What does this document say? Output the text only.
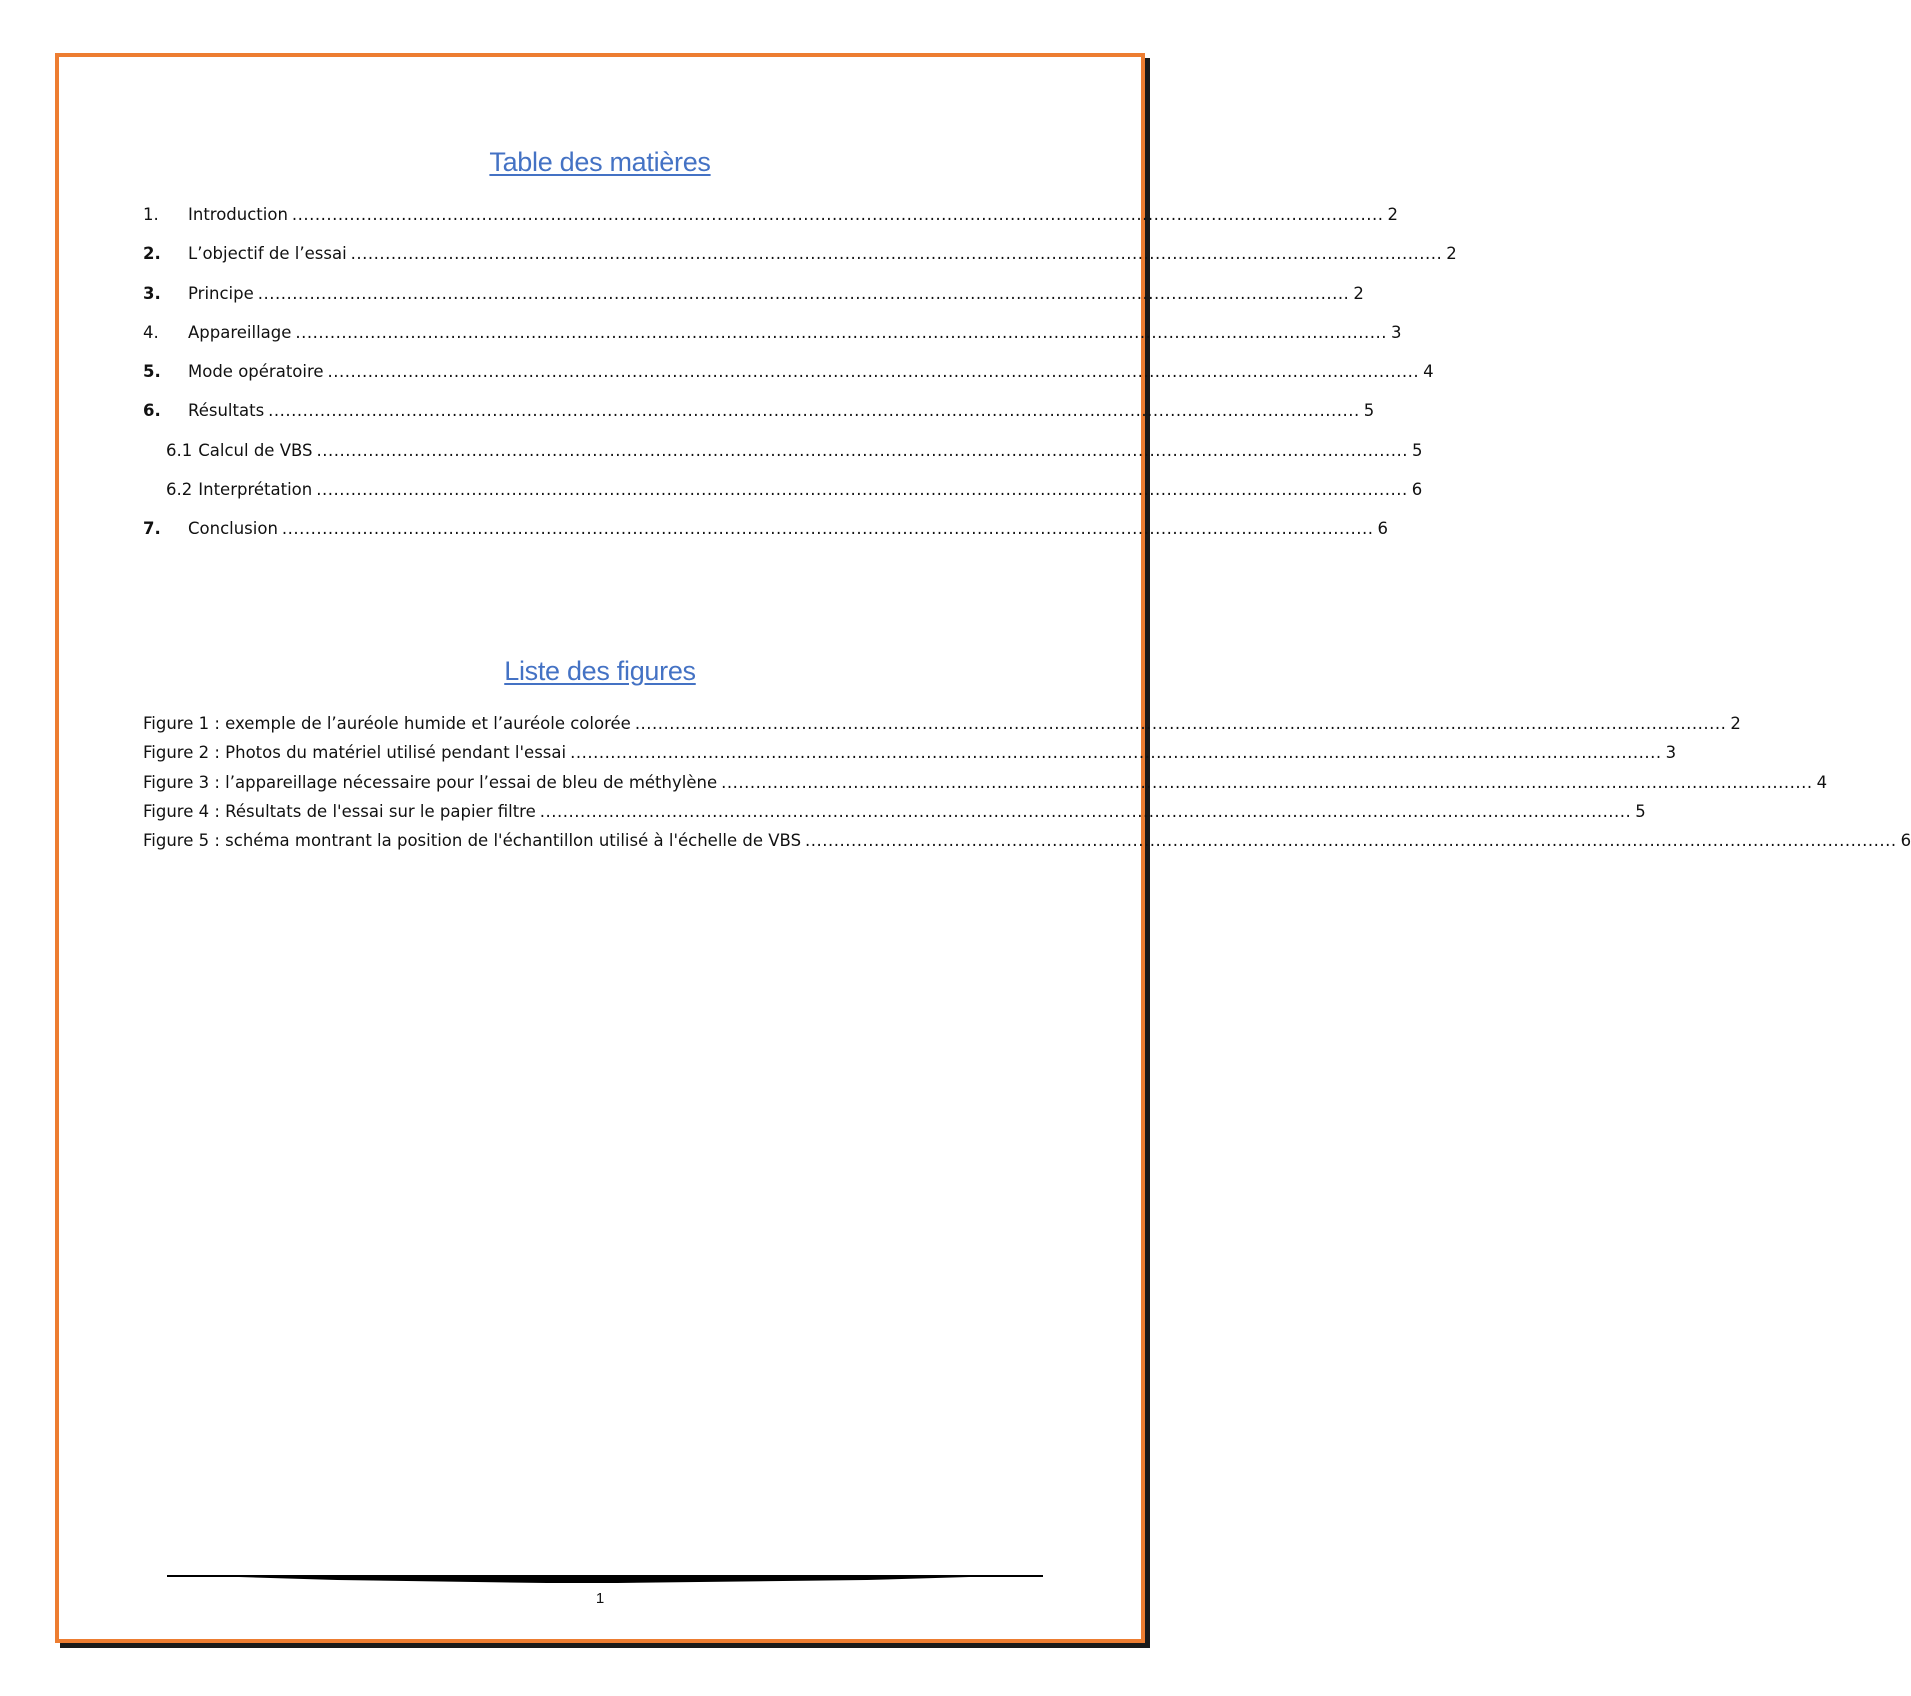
Table des matières
1.	Introduction .............................................................................................................................................................................................. 2
2.	L’objectif de l’essai .............................................................................................................................................................................................. 2
3.	Principe .............................................................................................................................................................................................. 2
4.	Appareillage .............................................................................................................................................................................................. 3
5.	Mode opératoire .............................................................................................................................................................................................. 4
6.	Résultats .............................................................................................................................................................................................. 5
6.1 Calcul de VBS .............................................................................................................................................................................................. 5
6.2 Interprétation .............................................................................................................................................................................................. 6
7.	Conclusion .............................................................................................................................................................................................. 6
Liste des figures
Figure 1 : exemple de l’auréole humide et l’auréole colorée .............................................................................................................................................................................................. 2
Figure 2 : Photos du matériel utilisé pendant l'essai .............................................................................................................................................................................................. 3
Figure 3 : l’appareillage nécessaire pour l’essai de bleu de méthylène .............................................................................................................................................................................................. 4
Figure 4 : Résultats de l'essai sur le papier filtre .............................................................................................................................................................................................. 5
Figure 5 : schéma montrant la position de l'échantillon utilisé à l'échelle de VBS .............................................................................................................................................................................................. 6
1
